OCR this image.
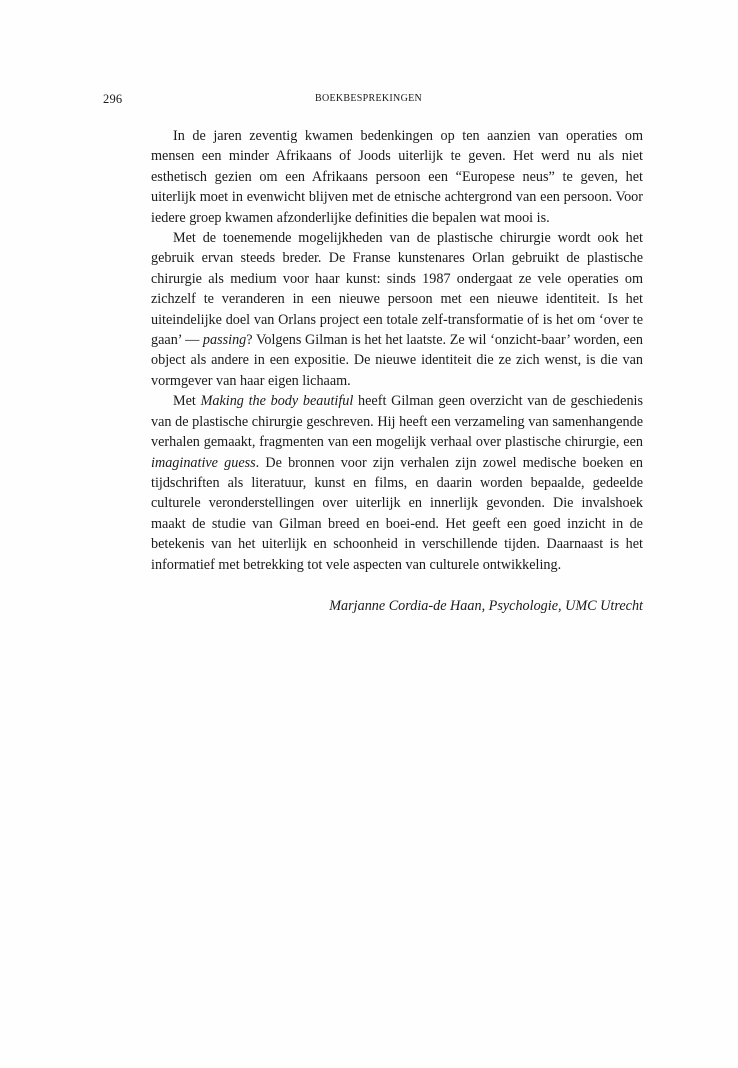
296	BOEKBESPREKINGEN

In de jaren zeventig kwamen bedenkingen op ten aanzien van operaties om mensen een minder Afrikaans of Joods uiterlijk te geven. Het werd nu als niet esthetisch gezien om een Afrikaans persoon een “Europese neus” te geven, het uiterlijk moet in evenwicht blijven met de etnische achtergrond van een persoon. Voor iedere groep kwamen afzonderlijke definities die bepalen wat mooi is.

Met de toenemende mogelijkheden van de plastische chirurgie wordt ook het gebruik ervan steeds breder. De Franse kunstenares Orlan gebruikt de plastische chirurgie als medium voor haar kunst: sinds 1987 ondergaat ze vele operaties om zichzelf te veranderen in een nieuwe persoon met een nieuwe identiteit. Is het uiteindelijke doel van Orlans project een totale zelf-transformatie of is het om ‘over te gaan’ — passing? Volgens Gilman is het het laatste. Ze wil ‘onzicht-baar’ worden, een object als andere in een expositie. De nieuwe identiteit die ze zich wenst, is die van vormgever van haar eigen lichaam.

Met Making the body beautiful heeft Gilman geen overzicht van de geschiedenis van de plastische chirurgie geschreven. Hij heeft een verzameling van samenhangende verhalen gemaakt, fragmenten van een mogelijk verhaal over plastische chirurgie, een imaginative guess. De bronnen voor zijn verhalen zijn zowel medische boeken en tijdschriften als literatuur, kunst en films, en daarin worden bepaalde, gedeelde culturele veronderstellingen over uiterlijk en innerlijk gevonden. Die invalshoek maakt de studie van Gilman breed en boei-end. Het geeft een goed inzicht in de betekenis van het uiterlijk en schoonheid in verschillende tijden. Daarnaast is het informatief met betrekking tot vele aspecten van culturele ontwikkeling.

Marjanne Cordia-de Haan, Psychologie, UMC Utrecht
